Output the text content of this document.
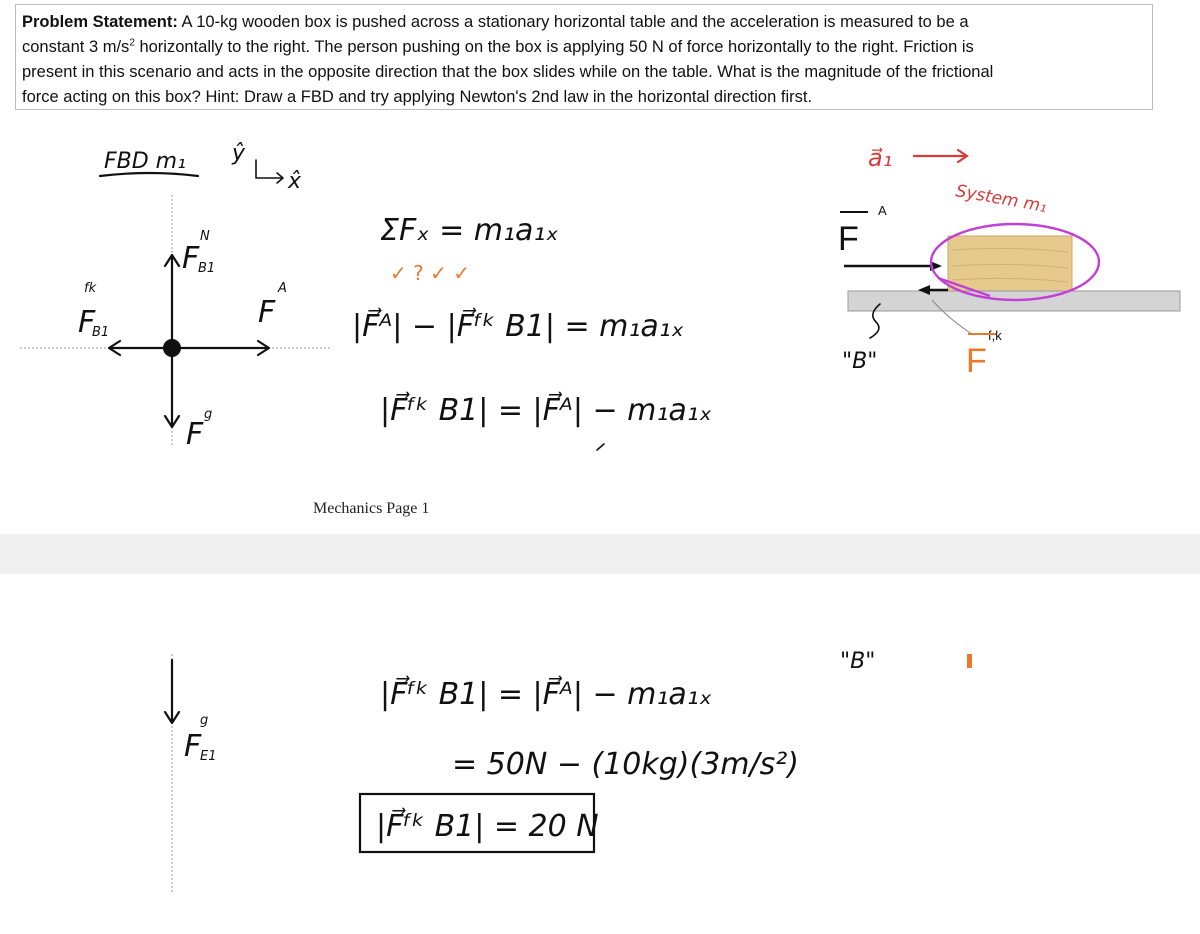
Problem Statement: A 10-kg wooden box is pushed across a stationary horizontal table and the acceleration is measured to be a
constant 3 $m/s^2$ horizontally to the right. The person pushing on the box is applying 50 N of force horizontally to the right. Friction is
present in this scenario and acts in the opposite direction that the box slides while on the table. What is the magnitude of the frictional
force acting on this box? Hint: Draw a FBD and try applying Newton's 2nd law in the horizontal direction first.
FBD m₁ ŷ
x̂
F
N
B1
F
fk
B1
F
A
F
g
ΣFₓ = m₁a₁ₓ
✓ ? ✓ ✓
|F⃗ᴬ| − |F⃗ᶠᵏ B1| = m₁a₁ₓ
|F⃗ᶠᵏ B1| = |F⃗ᴬ| − m₁a₁ₓ
a⃗₁
System m₁
F
A
F
f,k
"B"
Mechanics Page 1
F
g
E1
|F⃗ᶠᵏ B1| = |F⃗ᴬ| − m₁a₁ₓ
= 50N − (10kg)(3m/s²)
|F⃗ᶠᵏ B1| = 20 N
"B"
